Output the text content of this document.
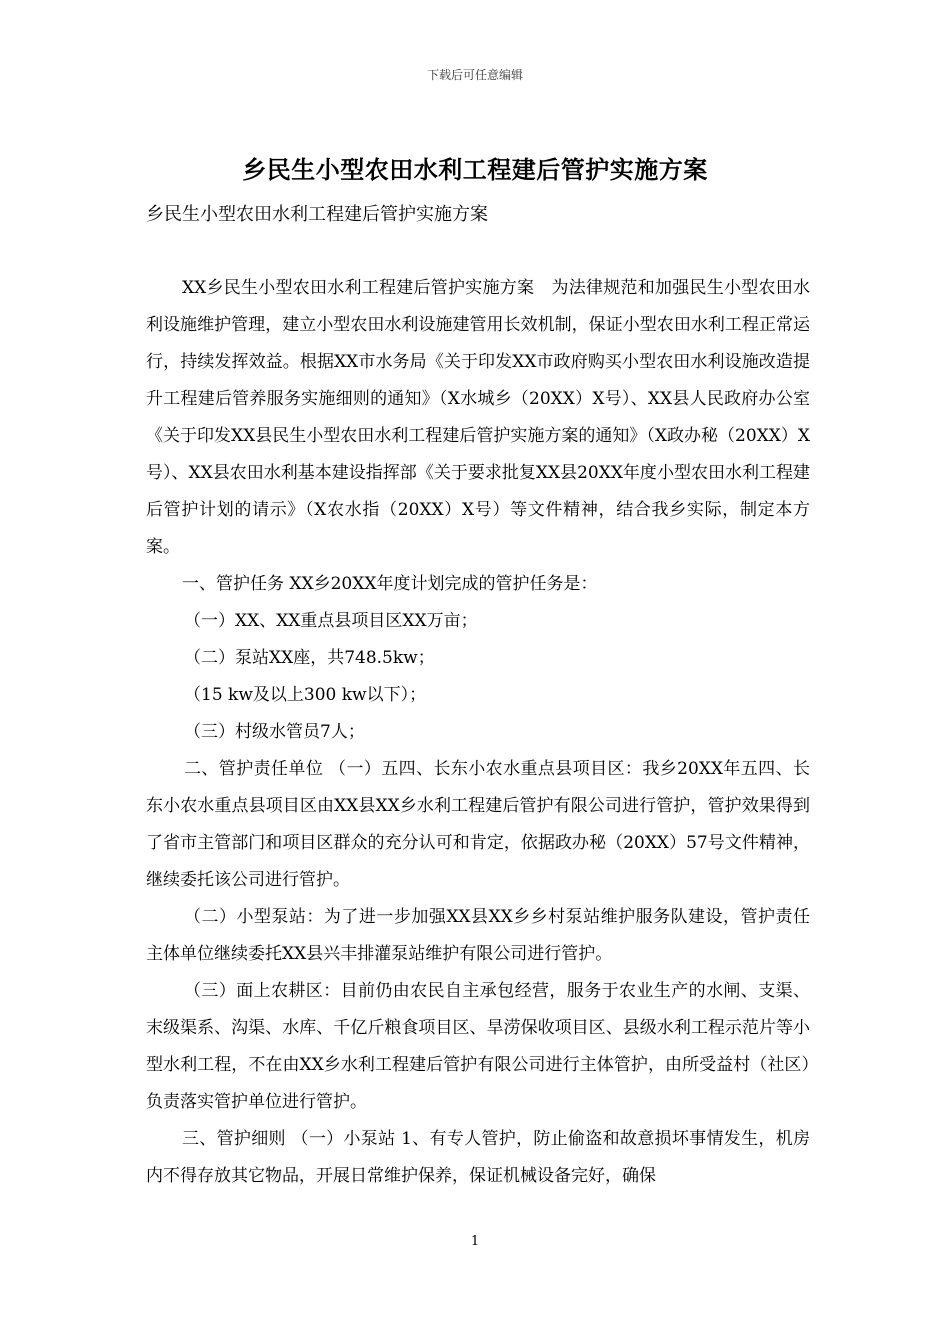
下载后可任意编辑
乡民生小型农田水利工程建后管护实施方案
乡民生小型农田水利工程建后管护实施方案

XX乡民生小型农田水利工程建后管护实施方案　为法律规范和加强民生小型农田水利设施维护管理，建立小型农田水利设施建管用长效机制，保证小型农田水利工程正常运行，持续发挥效益。根据XX市水务局《关于印发XX市政府购买小型农田水利设施改造提升工程建后管养服务实施细则的通知》（X水城乡（20XX）X号）、XX县人民政府办公室《关于印发XX县民生小型农田水利工程建后管护实施方案的通知》（X政办秘（20XX）X号）、XX县农田水利基本建设指挥部《关于要求批复XX县20XX年度小型农田水利工程建后管护计划的请示》（X农水指（20XX）X号）等文件精神，结合我乡实际，制定本方案。

一、管护任务 XX乡20XX年度计划完成的管护任务是：

（一）XX、XX重点县项目区XX万亩；

（二）泵站XX座，共748.5kw；

（15 kw及以上300 kw以下）；

（三）村级水管员7人；

二、管护责任单位 （一）五四、长东小农水重点县项目区：我乡20XX年五四、长东小农水重点县项目区由XX县XX乡水利工程建后管护有限公司进行管护，管护效果得到了省市主管部门和项目区群众的充分认可和肯定，依据政办秘（20XX）57号文件精神，继续委托该公司进行管护。

（二）小型泵站：为了进一步加强XX县XX乡乡村泵站维护服务队建设，管护责任主体单位继续委托XX县兴丰排灌泵站维护有限公司进行管护。

（三）面上农耕区：目前仍由农民自主承包经营，服务于农业生产的水闸、支渠、末级渠系、沟渠、水库、千亿斤粮食项目区、旱涝保收项目区、县级水利工程示范片等小型水利工程，不在由XX乡水利工程建后管护有限公司进行主体管护，由所受益村（社区）负责落实管护单位进行管护。

三、管护细则 （一）小泵站 1、有专人管护，防止偷盗和故意损坏事情发生，机房内不得存放其它物品，开展日常维护保养，保证机械设备完好，确保

1
